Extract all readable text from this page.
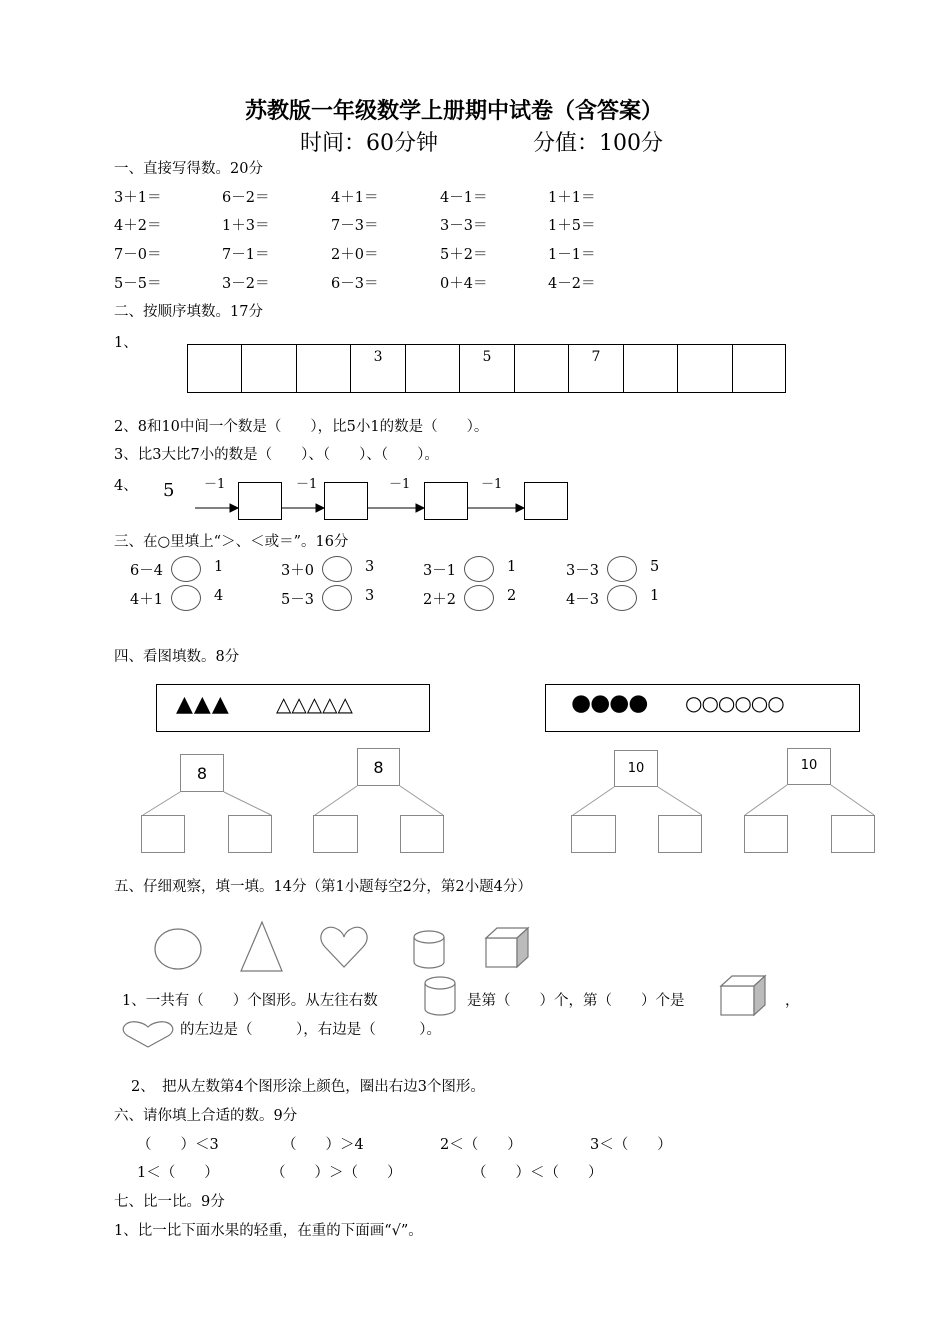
苏教版一年级数学上册期中试卷（含答案）
时间：60分钟	分值：100分
一、直接写得数。20分
3＋1＝	6－2＝	4＋1＝	4－1＝	1＋1＝
4＋2＝	1＋3＝	7－3＝	3－3＝	1＋5＝
7－0＝	7－1＝	2＋0＝	5＋2＝	1－1＝
5－5＝	3－2＝	6－3＝	0＋4＝	4－2＝
二、按顺序填数。17分
1、
3	5	7
2、8和10中间一个数是（　　），比5小1的数是（　　）。
3、比3大比7小的数是（　　）、（　　）、（　　）。
4、 5 －1	－1	－1	－1
三、在○里填上“＞、＜或＝”。16分
6－4	1	3＋0	3	3－1	1	3－3	5
4＋1	4	5－3	3	2＋2	2	4－3	1
四、看图填数。8分
▲▲▲ △△△△△	●●●● ○○○○○○
8	8	10	10
五、仔细观察，填一填。14分（第1小题每空2分，第2小题4分）
1、一共有（　　）个图形。从左往右数	是第（　　）个，第（　　）个是	，
的左边是（　　　），右边是（　　　）。
2、　把从左数第4个图形涂上颜色，圈出右边3个图形。
六、请你填上合适的数。9分
（　　）＜3	（　　）＞4	2＜（　　）	3＜（　　）
1＜（　　）	（　　）＞（　　）	（　　）＜（　　）
七、比一比。9分
1、比一比下面水果的轻重，在重的下面画“√”。
